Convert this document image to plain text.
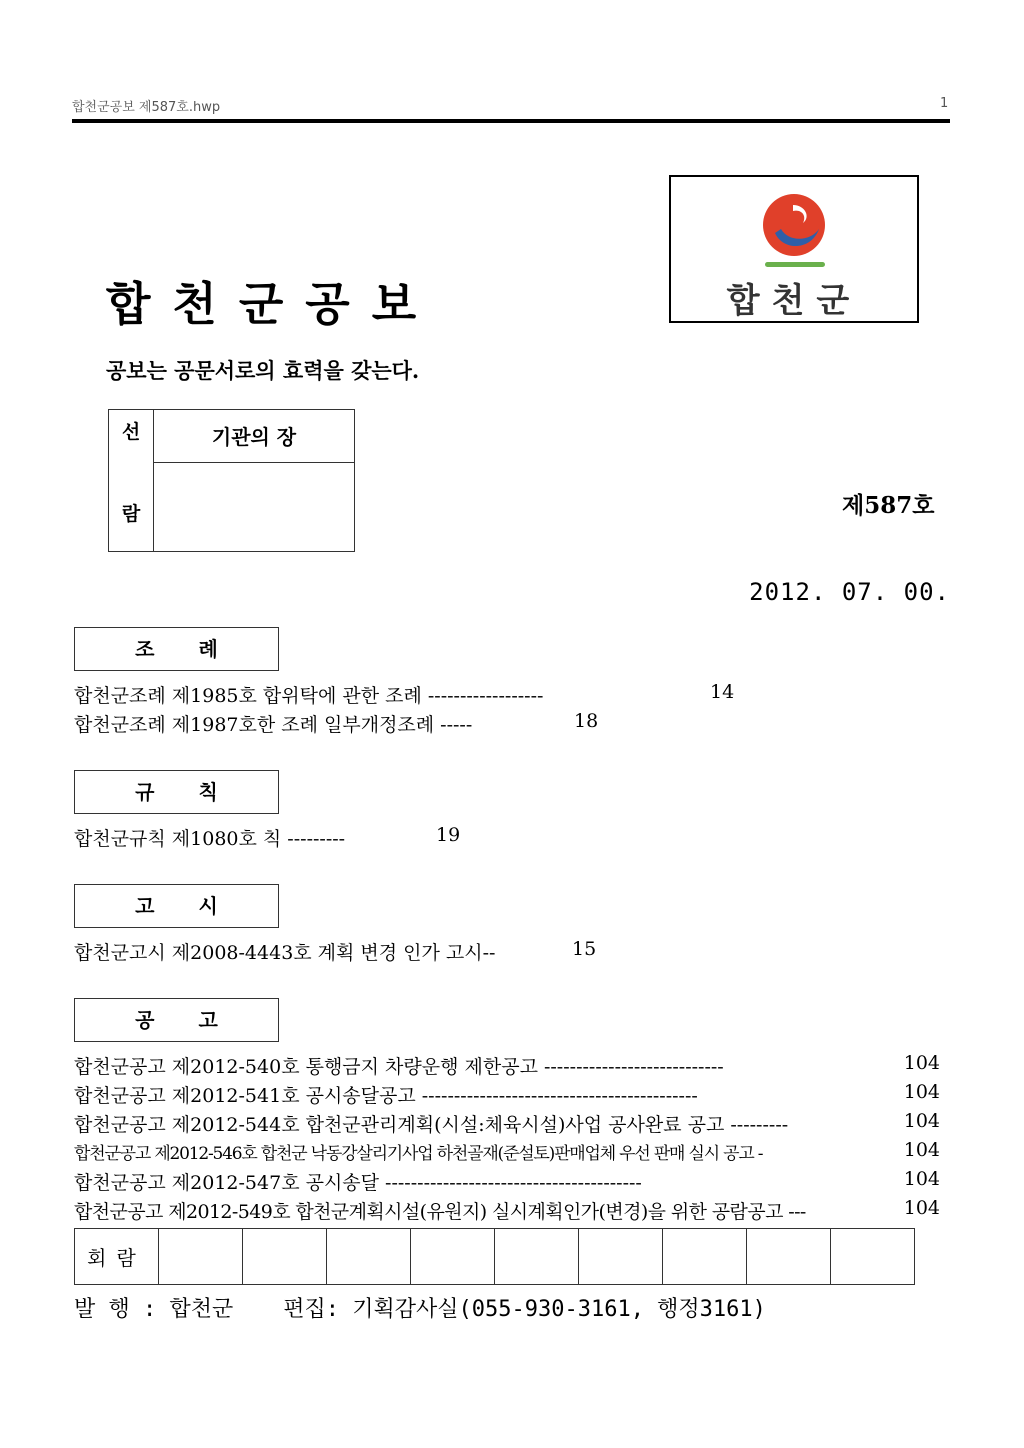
합천군공보 제587호.hwp	1
합천군공보	합천군
공보는 공문서로의 효력을 갖는다.
선
람
	기관의 장

제587호
2012. 07. 00.
조례
합천군조례 제1985호 합위탁에 관한 조례 ------------------	14
합천군조례 제1987호한 조례 일부개정조례 -----	18
규칙
합천군규칙 제1080호 칙 ---------	19
고시
합천군고시 제2008-4443호 계획 변경 인가 고시--	15
공고
합천군공고 제2012-540호 통행금지 차량운행 제한공고 ----------------------------	104
합천군공고 제2012-541호 공시송달공고 -------------------------------------------	104
합천군공고 제2012-544호 합천군관리계획(시설:체육시설)사업 공사완료 공고 ---------	104
합천군공고 제2012-546호 합천군 낙동강살리기사업 하천골재(준설토)판매업체 우선 판매 실시 공고 -	104
합천군공고 제2012-547호 공시송달 ----------------------------------------	104
합천군공고 제2012-549호 합천군계획시설(유원지) 실시계획인가(변경)을 위한 공람공고 ---	104
회람									
발 행 : 합천군 편집: 기획감사실(055-930-3161, 행정3161)
